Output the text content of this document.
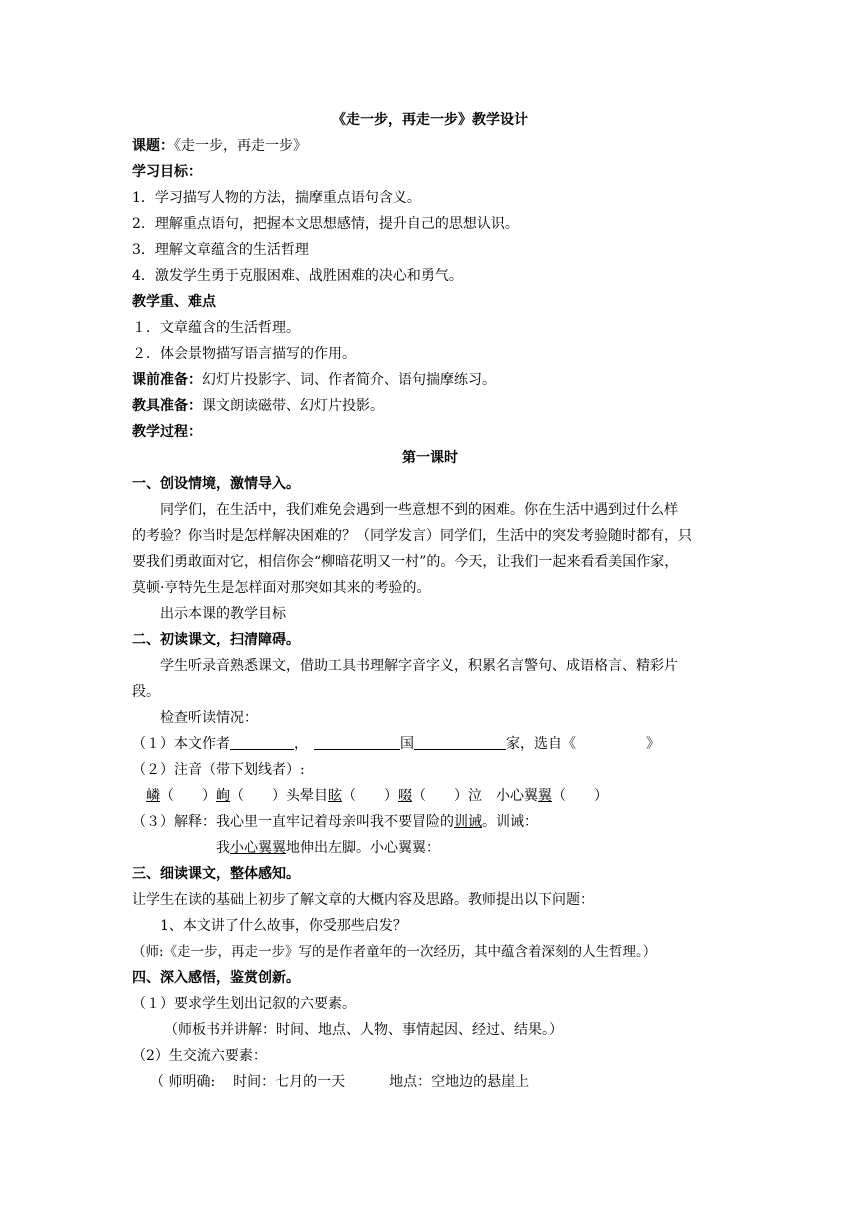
《走一步，再走一步》教学设计
课题：《走一步，再走一步》
学习目标：
1．学习描写人物的方法，揣摩重点语句含义。
2．理解重点语句，把握本文思想感情，提升自己的思想认识。
3．理解文章蕴含的生活哲理
4．激发学生勇于克服困难、战胜困难的决心和勇气。
教学重、难点
１．文章蕴含的生活哲理。
２．体会景物描写语言描写的作用。
课前准备：幻灯片投影字、词、作者简介、语句揣摩练习。
教具准备：课文朗读磁带、幻灯片投影。
教学过程：
第一课时
一、创设情境，激情导入。
同学们，在生活中，我们难免会遇到一些意想不到的困难。你在生活中遇到过什么样
的考验？你当时是怎样解决困难的？（同学发言）同学们，生活中的突发考验随时都有，只
要我们勇敢面对它，相信你会“柳暗花明又一村”的。今天，让我们一起来看看美国作家，
莫顿·亨特先生是怎样面对那突如其来的考验的。
出示本课的教学目标
二、初读课文，扫清障碍。
学生听录音熟悉课文，借助工具书理解字音字义，积累名言警句、成语格言、精彩片
段。
检查听读情况：
（１）本文作者	，	国	家，选自《	》
（２）注音（带下划线者）:
嶙（　　）峋（　　）头晕目眩（　　）啜（　　）泣　小心翼翼（　　）
（３）解释：我心里一直牢记着母亲叫我不要冒险的训诫。训诫：
我小心翼翼地伸出左脚。小心翼翼：
三、细读课文，整体感知。
让学生在读的基础上初步了解文章的大概内容及思路。教师提出以下问题：
1、本文讲了什么故事，你受那些启发？
（师:《走一步，再走一步》写的是作者童年的一次经历，其中蕴含着深刻的人生哲理。）
四、深入感悟，鉴赏创新。
（１）要求学生划出记叙的六要素。
（师板书并讲解：时间、地点、人物、事情起因、经过、结果。）
（2）生交流六要素：
（ 师明确: 时间：七月的一天	地点：空地边的悬崖上
